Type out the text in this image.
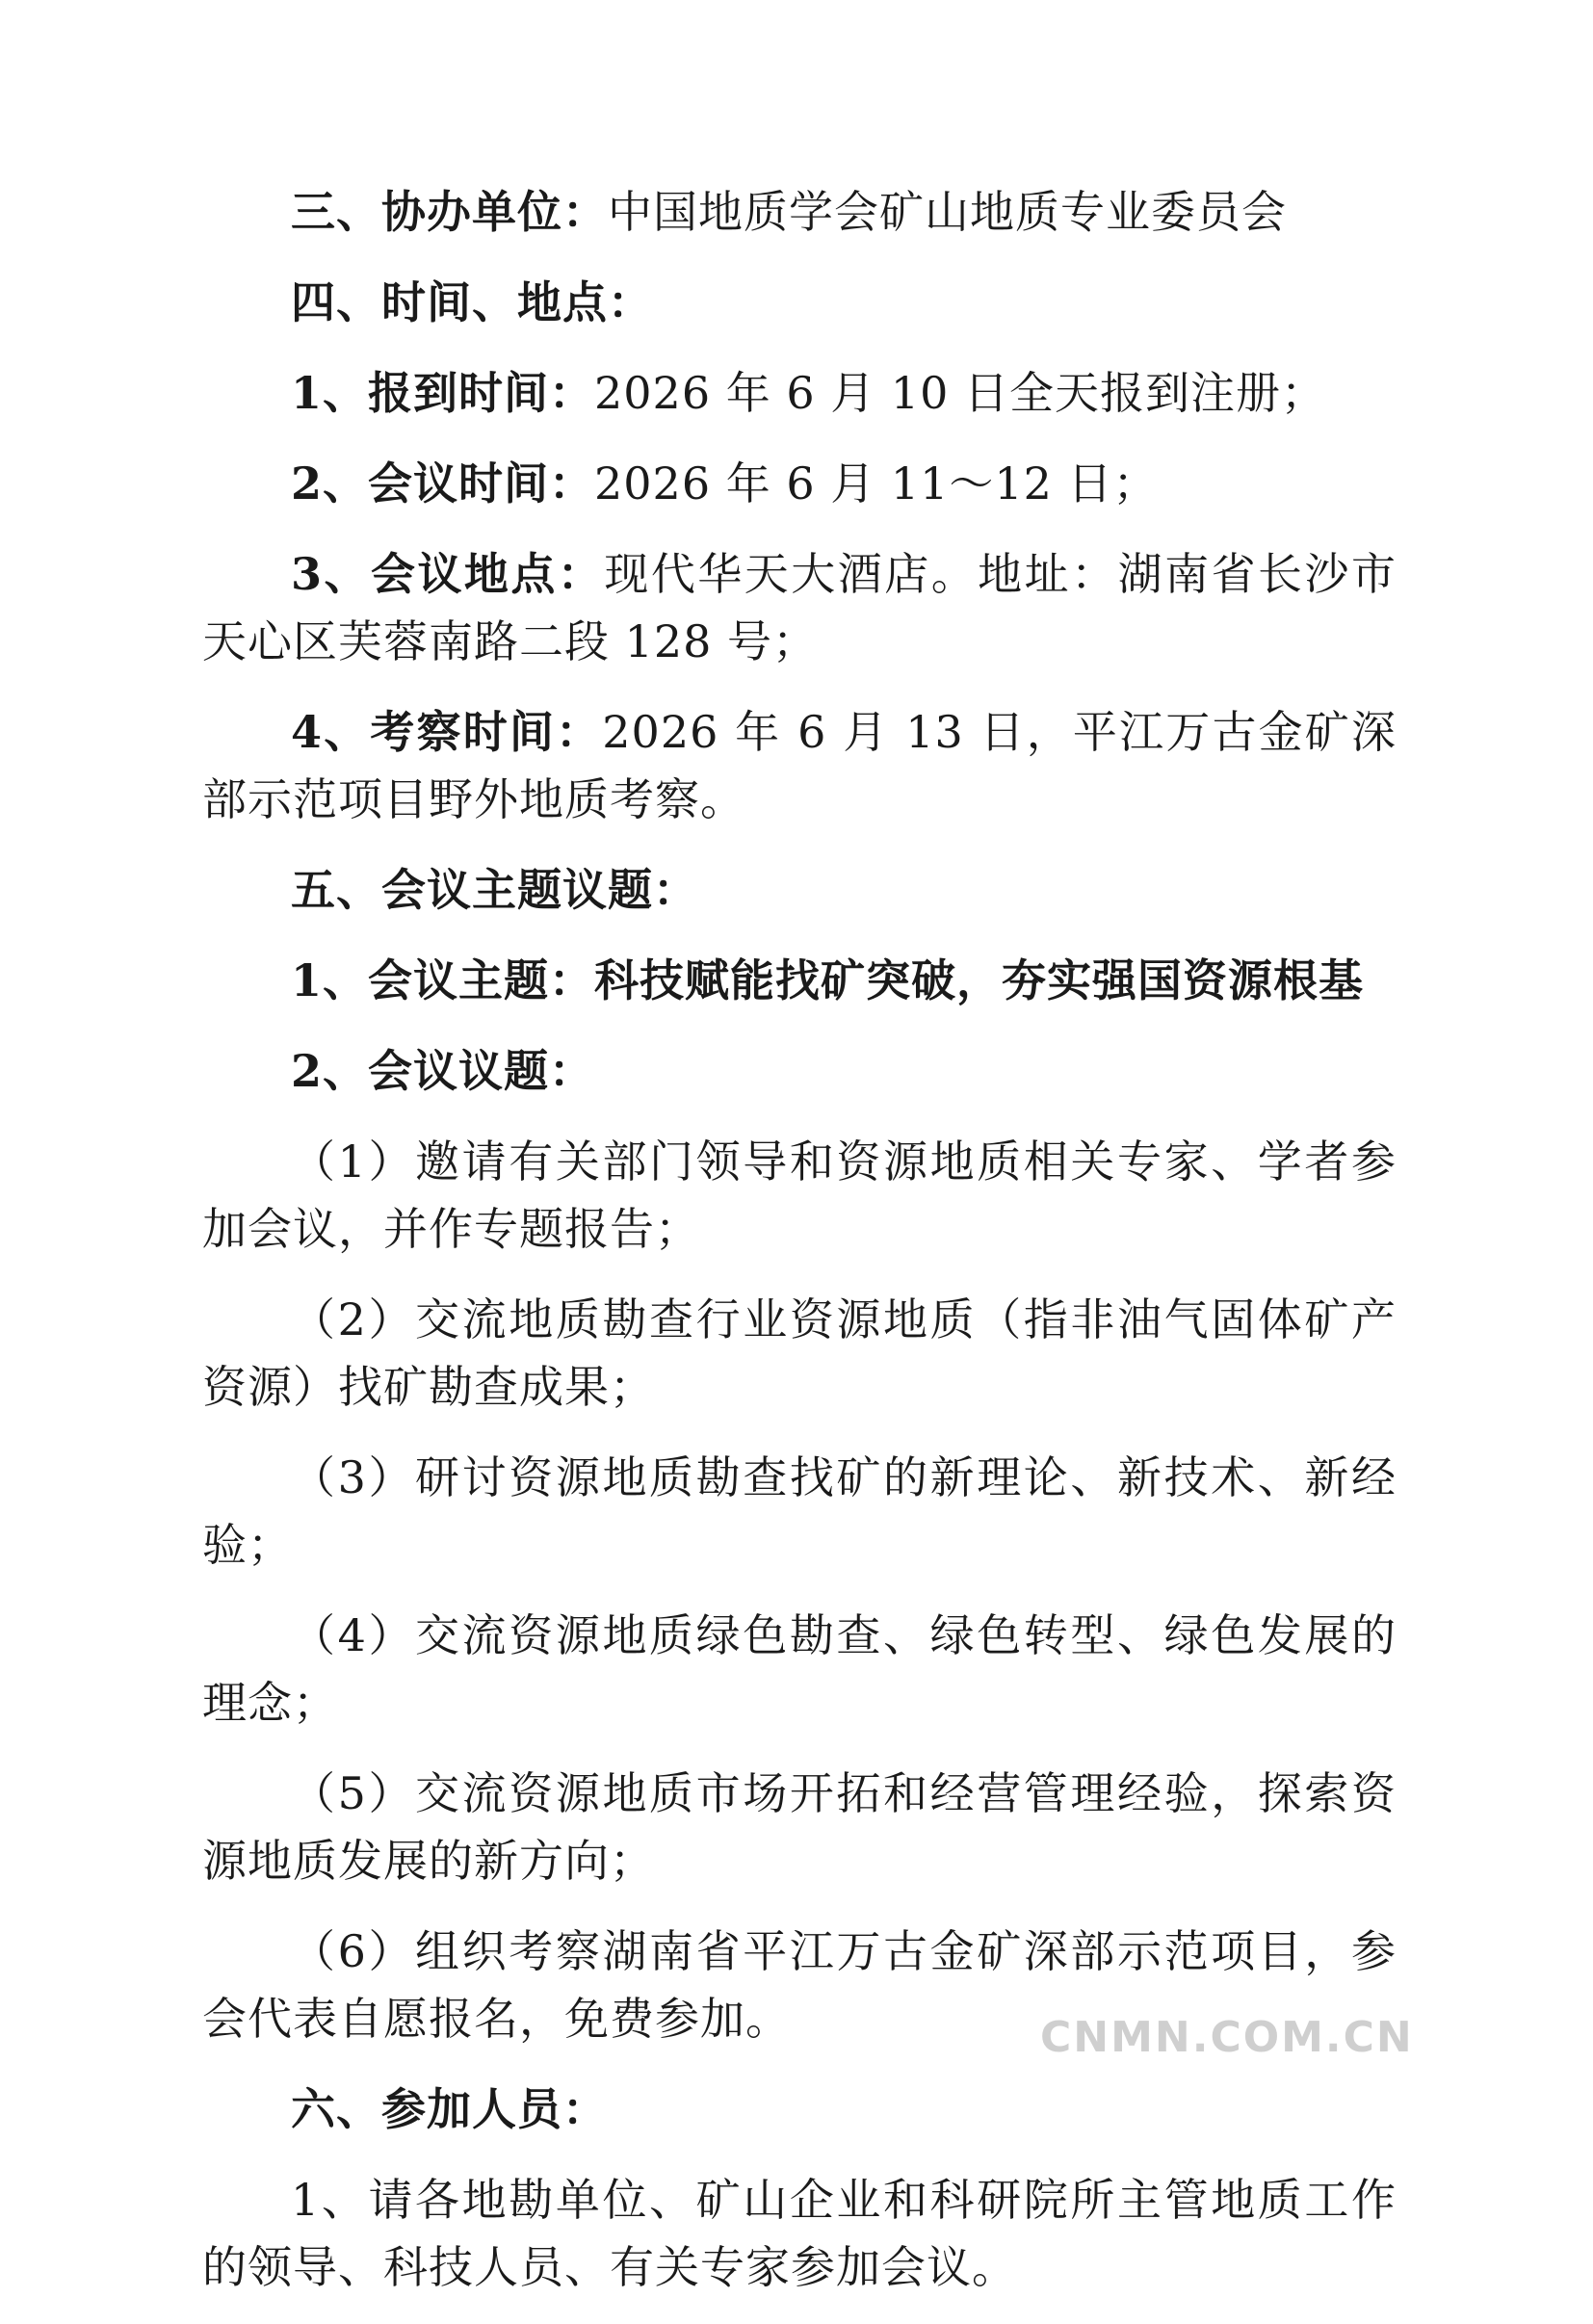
三、协办单位：中国地质学会矿山地质专业委员会

四、时间、地点：

1、报到时间：2026 年 6 月 10 日全天报到注册；

2、会议时间：2026 年 6 月 11～12 日；

3、会议地点：现代华天大酒店。地址：湖南省长沙市天心区芙蓉南路二段 128 号；

4、考察时间：2026 年 6 月 13 日，平江万古金矿深部示范项目野外地质考察。

五、会议主题议题：

1、会议主题：科技赋能找矿突破，夯实强国资源根基

2、会议议题：

（1）邀请有关部门领导和资源地质相关专家、学者参加会议，并作专题报告；

（2）交流地质勘查行业资源地质（指非油气固体矿产资源）找矿勘查成果；

（3）研讨资源地质勘查找矿的新理论、新技术、新经验；

（4）交流资源地质绿色勘查、绿色转型、绿色发展的理念；

（5）交流资源地质市场开拓和经营管理经验，探索资源地质发展的新方向；

（6）组织考察湖南省平江万古金矿深部示范项目，参会代表自愿报名，免费参加。

六、参加人员：

1、请各地勘单位、矿山企业和科研院所主管地质工作的领导、科技人员、有关专家参加会议。

CNMN.COM.CN
